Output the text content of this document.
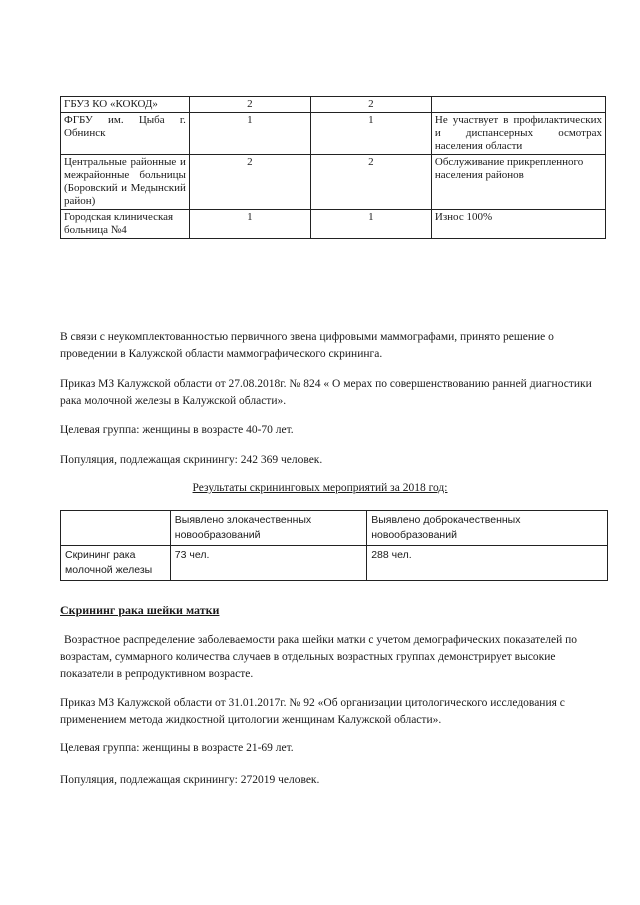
ГБУЗ КО «КОКОД»	2	2	
ФГБУ им. Цыба г. Обнинск	1	1	Не участвует в профилактических и диспансерных осмотрах населения области
Центральные районные и межрайонные больницы (Боровский и Медынский район)	2	2	Обслуживание прикрепленного населения районов
Городская клиническая больница №4	1	1	Износ 100%

В связи с неукомплектованностью первичного звена цифровыми маммографами, принято решение о проведении в Калужской области маммографического скрининга.

Приказ МЗ Калужской области от 27.08.2018г. № 824 « О мерах по совершенствованию ранней диагностики рака молочной железы в Калужской области».

Целевая группа: женщины в возрасте 40-70 лет.

Популяция, подлежащая скринингу: 242 369 человек.

Результаты скрининговых мероприятий за 2018 год:

	Выявлено злокачественных новообразований	Выявлено доброкачественных новообразований
Скрининг рака молочной железы	73 чел.	288 чел.

Скрининг рака шейки матки

Возрастное распределение заболеваемости рака шейки матки с учетом демографических показателей по возрастам, суммарного количества случаев в отдельных возрастных группах демонстрирует высокие показатели в репродуктивном возрасте.

Приказ МЗ Калужской области от 31.01.2017г. № 92 «Об организации цитологического исследования с применением метода жидкостной цитологии женщинам Калужской области».

Целевая группа: женщины в возрасте 21-69 лет.

Популяция, подлежащая скринингу: 272019 человек.
